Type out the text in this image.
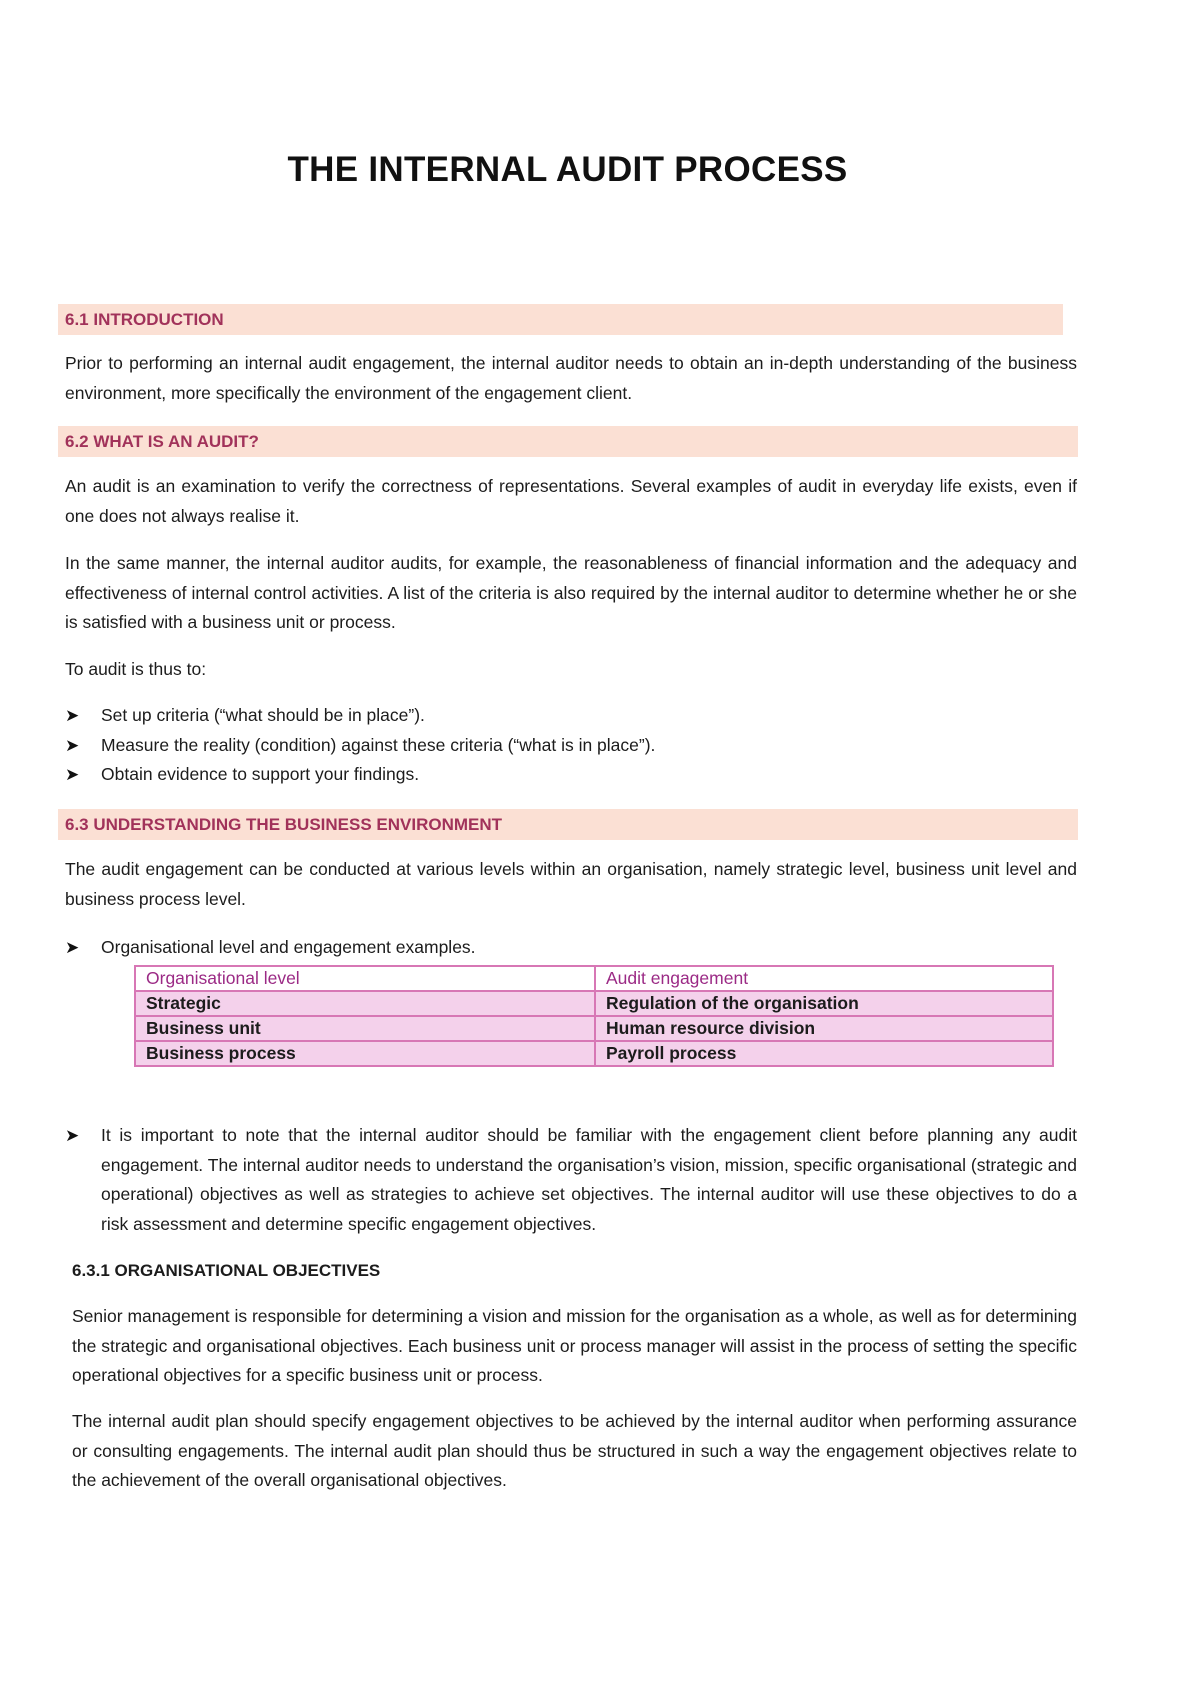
THE INTERNAL AUDIT PROCESS
6.1 INTRODUCTION

Prior to performing an internal audit engagement, the internal auditor needs to obtain an in-depth understanding of the business environment, more specifically the environment of the engagement client.

6.2 WHAT IS AN AUDIT?

An audit is an examination to verify the correctness of representations. Several examples of audit in everyday life exists, even if one does not always realise it.

In the same manner, the internal auditor audits, for example, the reasonableness of financial information and the adequacy and effectiveness of internal control activities. A list of the criteria is also required by the internal auditor to determine whether he or she is satisfied with a business unit or process.

To audit is thus to:

➤ Set up criteria (“what should be in place”).
➤ Measure the reality (condition) against these criteria (“what is in place”).
➤ Obtain evidence to support your findings.
6.3 UNDERSTANDING THE BUSINESS ENVIRONMENT

The audit engagement can be conducted at various levels within an organisation, namely strategic level, business unit level and business process level.

➤ Organisational level and engagement examples.
Organisational level	Audit engagement
Strategic	Regulation of the organisation
Business unit	Human resource division
Business process	Payroll process
➤ It is important to note that the internal auditor should be familiar with the engagement client before planning any audit engagement. The internal auditor needs to understand the organisation’s vision, mission, specific organisational (strategic and operational) objectives as well as strategies to achieve set objectives. The internal auditor will use these objectives to do a risk assessment and determine specific engagement objectives.
6.3.1 ORGANISATIONAL OBJECTIVES

Senior management is responsible for determining a vision and mission for the organisation as a whole, as well as for determining the strategic and organisational objectives. Each business unit or process manager will assist in the process of setting the specific operational objectives for a specific business unit or process.

The internal audit plan should specify engagement objectives to be achieved by the internal auditor when performing assurance or consulting engagements. The internal audit plan should thus be structured in such a way the engagement objectives relate to the achievement of the overall organisational objectives.
